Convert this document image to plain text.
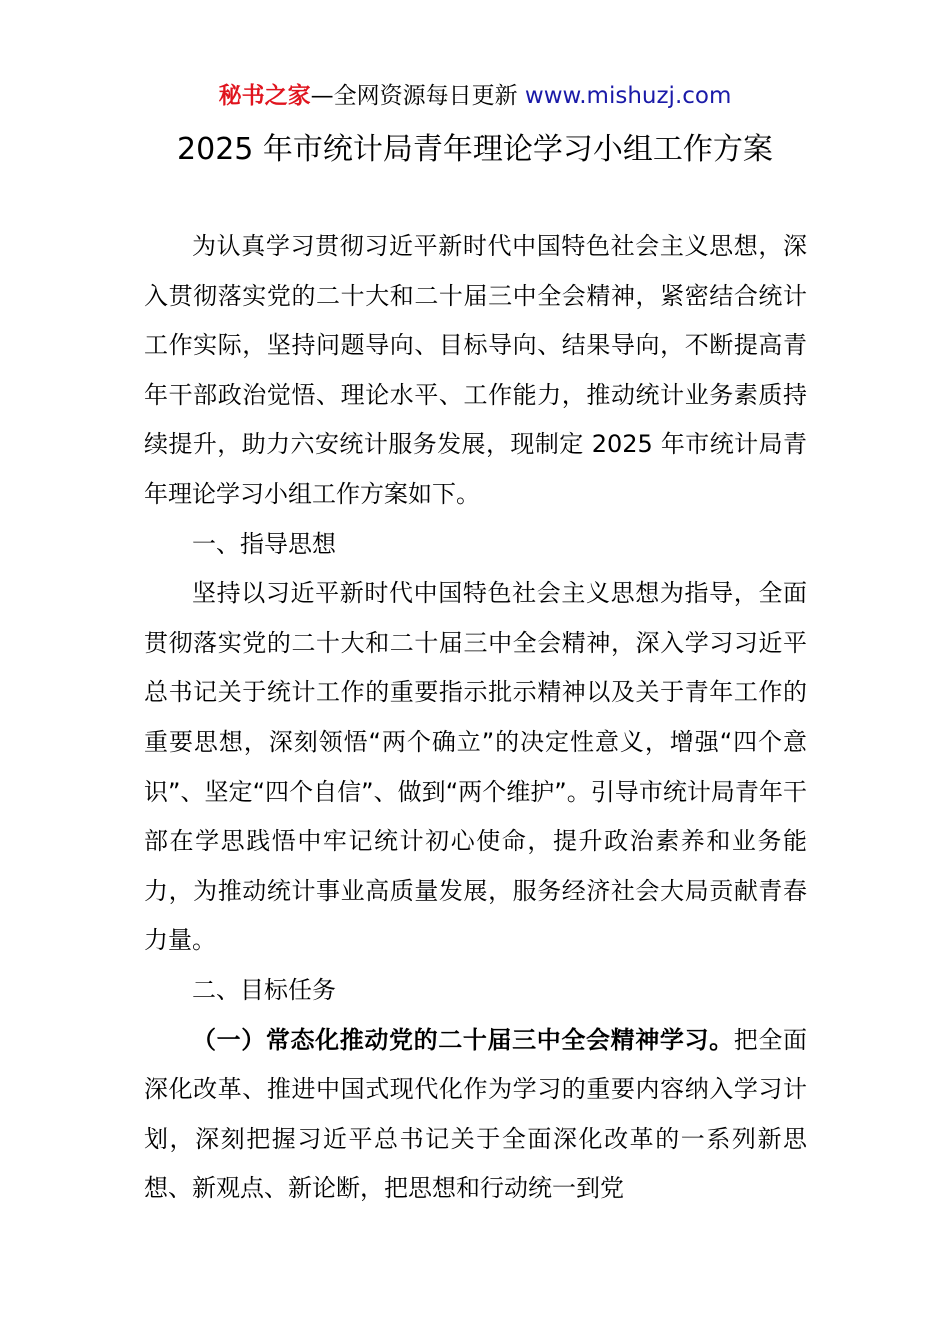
秘书之家—全网资源每日更新 www.mishuzj.com
2025 年市统计局青年理论学习小组工作方案

为认真学习贯彻习近平新时代中国特色社会主义思想，深入贯彻落实党的二十大和二十届三中全会精神，紧密结合统计工作实际，坚持问题导向、目标导向、结果导向，不断提高青年干部政治觉悟、理论水平、工作能力，推动统计业务素质持续提升，助力六安统计服务发展，现制定 2025 年市统计局青年理论学习小组工作方案如下。

一、指导思想

坚持以习近平新时代中国特色社会主义思想为指导，全面贯彻落实党的二十大和二十届三中全会精神，深入学习习近平总书记关于统计工作的重要指示批示精神以及关于青年工作的重要思想，深刻领悟“两个确立”的决定性意义，增强“四个意识”、坚定“四个自信”、做到“两个维护”。引导市统计局青年干部在学思践悟中牢记统计初心使命，提升政治素养和业务能力，为推动统计事业高质量发展，服务经济社会大局贡献青春力量。

二、目标任务

（一）常态化推动党的二十届三中全会精神学习。把全面深化改革、推进中国式现代化作为学习的重要内容纳入学习计划，深刻把握习近平总书记关于全面深化改革的一系列新思想、新观点、新论断，把思想和行动统一到党
